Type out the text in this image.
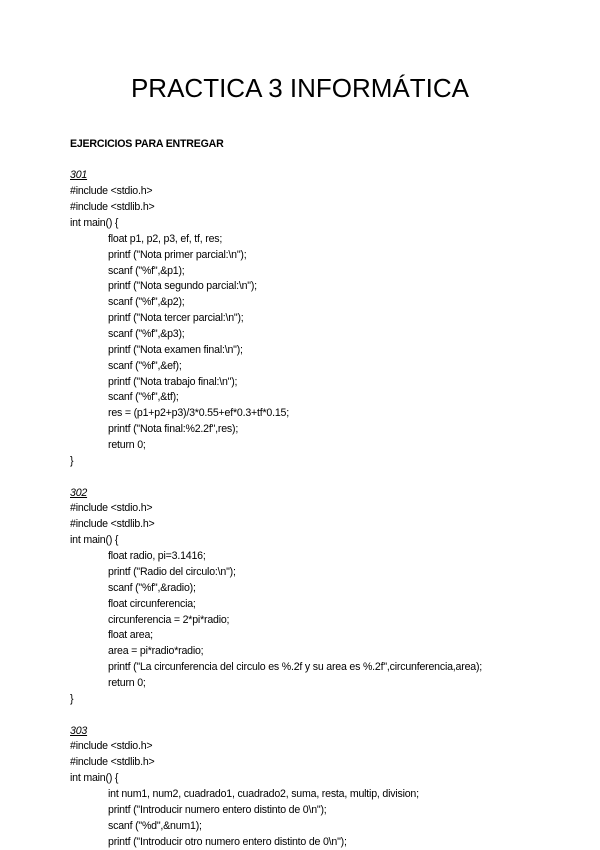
PRACTICA 3 INFORMÁTICA

EJERCICIOS PARA ENTREGAR

301
#include <stdio.h>
#include <stdlib.h>
int main() {
float p1, p2, p3, ef, tf, res;
printf ("Nota primer parcial:\n");
scanf ("%f",&p1);
printf ("Nota segundo parcial:\n");
scanf ("%f",&p2);
printf ("Nota tercer parcial:\n");
scanf ("%f",&p3);
printf ("Nota examen final:\n");
scanf ("%f",&ef);
printf ("Nota trabajo final:\n");
scanf ("%f",&tf);
res = (p1+p2+p3)/3*0.55+ef*0.3+tf*0.15;
printf ("Nota final:%2.2f",res);
return 0;
}
302
#include <stdio.h>
#include <stdlib.h>
int main() {
float radio, pi=3.1416;
printf ("Radio del circulo:\n");
scanf ("%f",&radio);
float circunferencia;
circunferencia = 2*pi*radio;
float area;
area = pi*radio*radio;
printf ("La circunferencia del circulo es %.2f y su area es %.2f",circunferencia,area);
return 0;
}
303
#include <stdio.h>
#include <stdlib.h>
int main() {
int num1, num2, cuadrado1, cuadrado2, suma, resta, multip, division;
printf ("Introducir numero entero distinto de 0\n");
scanf ("%d",&num1);
printf ("Introducir otro numero entero distinto de 0\n");
